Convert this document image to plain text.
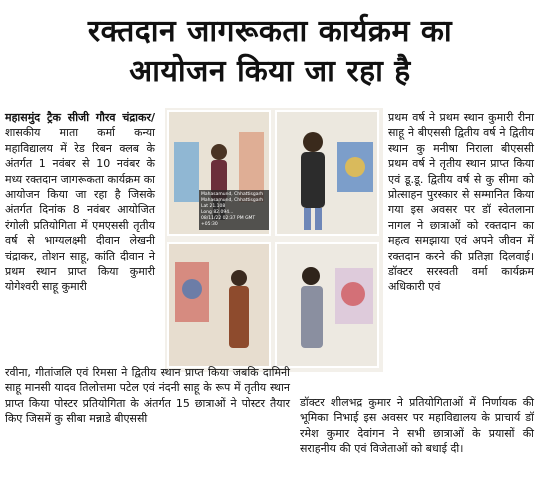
रक्तदान जागरूकता कार्यक्रम का
आयोजन किया जा रहा है

महासमुंद ट्रैक सीजी गौरव चंद्राकर/ शासकीय माता कर्मा कन्या महाविद्यालय में रेड रिबन क्लब के अंतर्गत 1 नवंबर से 10 नवंबर के मध्य रक्तदान जागरूकता कार्यक्रम का आयोजन किया जा रहा है जिसके अंतर्गत दिनांक 8 नवंबर आयोजित रंगोली प्रतियोगिता में एमएससी तृतीय वर्ष से भाग्यलक्ष्मी दीवान लेखनी चंद्राकर, तोशन साहू, कांति दीवान ने प्रथम स्थान प्राप्त किया कुमारी योगेश्वरी साहू कुमारी

Mahasamund, Chhattisgarh
Mahasamund, Chhattisgarh
Lat 21.108
Long 82.094...
08/11/22 02:37 PM GMT +05:30

प्रथम वर्ष ने प्रथम स्थान कुमारी रीना साहू ने बीएससी द्वितीय वर्ष ने द्वितीय स्थान कु मनीषा निराला बीएससी प्रथम वर्ष ने तृतीय स्थान प्राप्त किया एवं डू.डू. द्वितीय वर्ष से कु सीमा को प्रोत्साहन पुरस्कार से सम्मानित किया गया इस अवसर पर डॉ स्वेतलाना नागल ने छात्राओं को रक्तदान का महत्व समझाया एवं अपने जीवन में रक्तदान करने की प्रतिज्ञा दिलवाई। डॉक्टर सरस्वती वर्मा कार्यक्रम अधिकारी एवं

रवीना, गीतांजलि एवं रिमसा ने द्वितीय स्थान प्राप्त किया जबकि दामिनी साहू मानसी यादव तिलोत्तमा पटेल एवं नंदनी साहू के रूप में तृतीय स्थान प्राप्त किया पोस्टर प्रतियोगिता के अंतर्गत 15 छात्राओं ने पोस्टर तैयार किए जिसमें कु सीबा मन्नाडे बीएससी

डॉक्टर शीलभद्र कुमार ने प्रतियोगिताओं में निर्णायक की भूमिका निभाई इस अवसर पर महाविद्यालय के प्राचार्य डॉ रमेश कुमार देवांगन ने सभी छात्राओं के प्रयासों की सराहनीय की एवं विजेताओं को बधाई दी।
